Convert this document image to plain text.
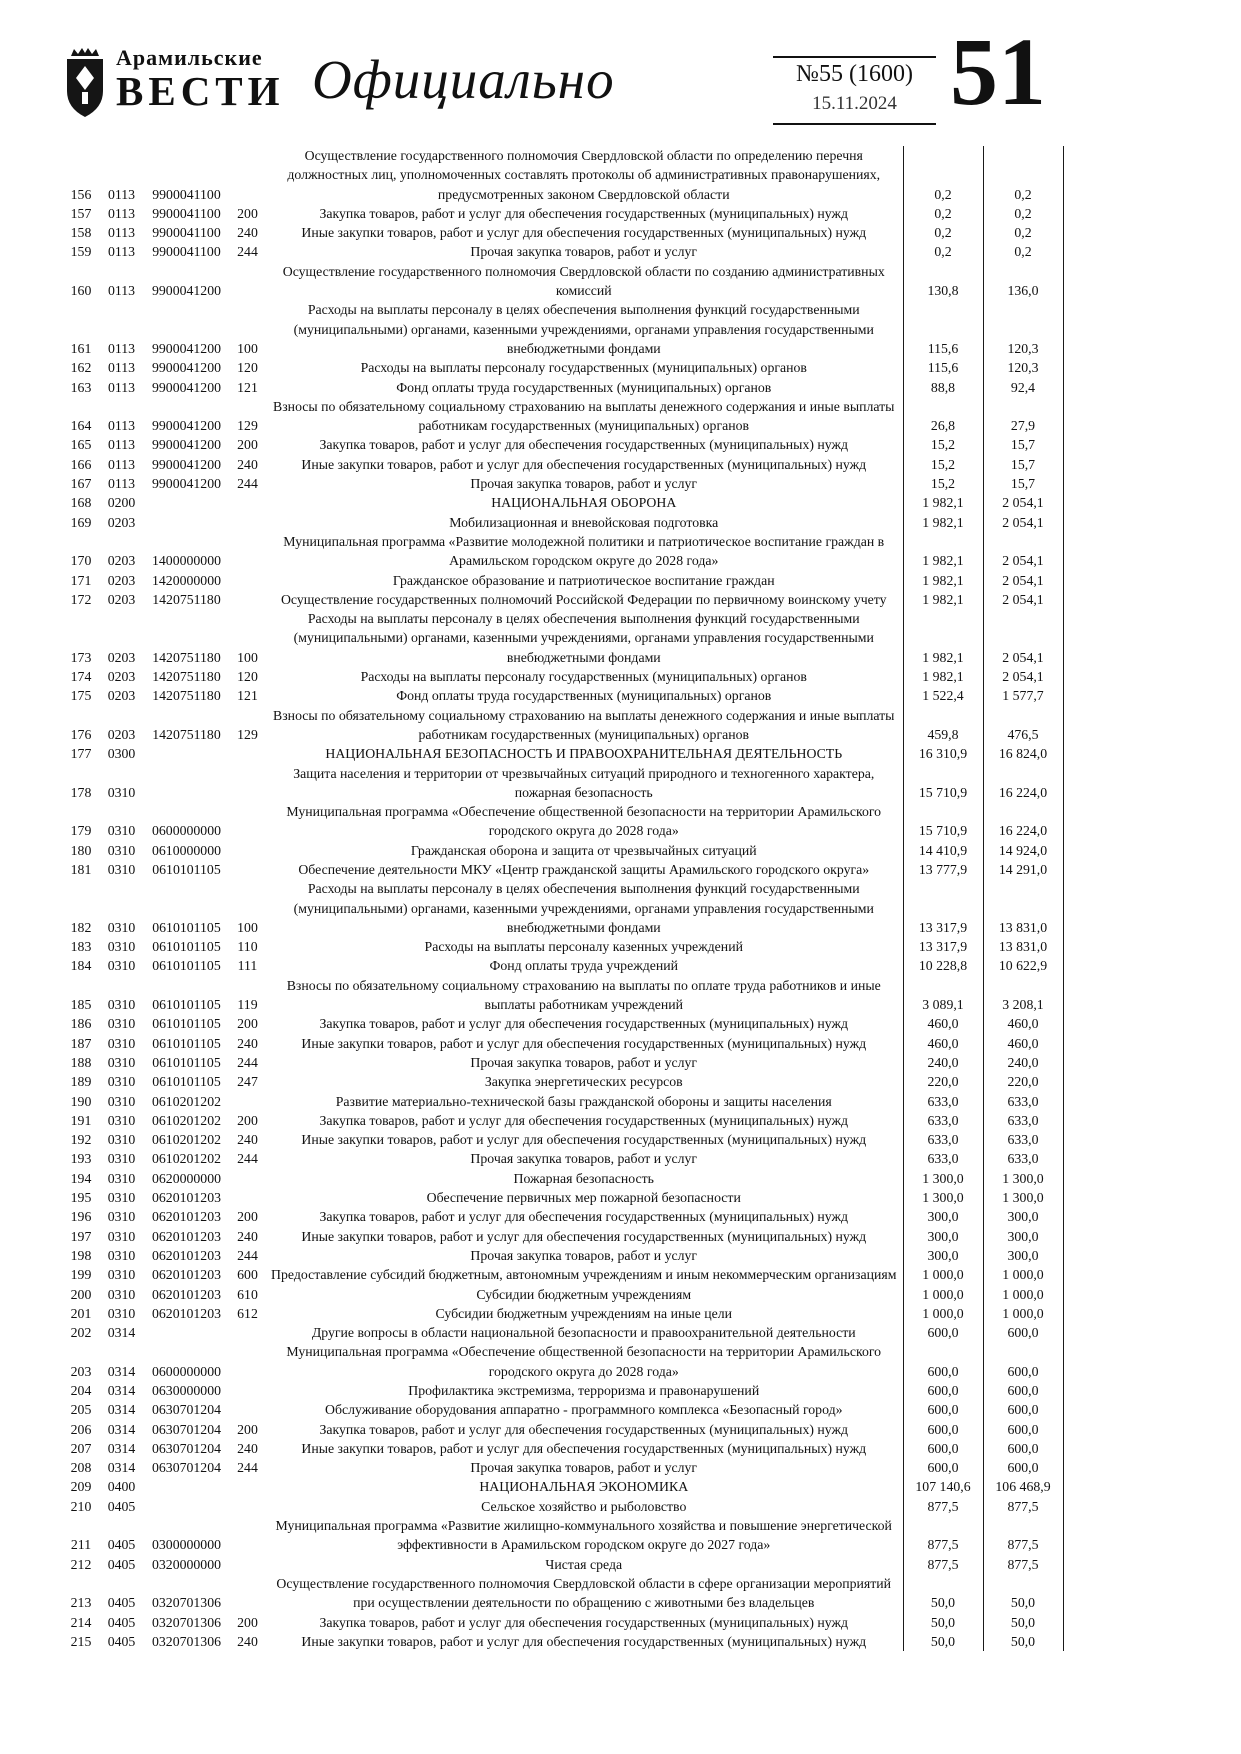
Арамильские
ВЕСТИ Официально	№55 (1600)
15.11.2024 51
156	0113	9900041100		Осуществление государственного полномочия Свердловской области по определению перечня должностных лиц, уполномоченных составлять протоколы об административных правонарушениях, предусмотренных законом Свердловской области	0,2	0,2
157	0113	9900041100	200	Закупка товаров, работ и услуг для обеспечения государственных (муниципальных) нужд	0,2	0,2
158	0113	9900041100	240	Иные закупки товаров, работ и услуг для обеспечения государственных (муниципальных) нужд	0,2	0,2
159	0113	9900041100	244	Прочая закупка товаров, работ и услуг	0,2	0,2
160	0113	9900041200		Осуществление государственного полномочия Свердловской области по созданию административных комиссий	130,8	136,0
161	0113	9900041200	100	Расходы на выплаты персоналу в целях обеспечения выполнения функций государственными (муниципальными) органами, казенными учреждениями, органами управления государственными внебюджетными фондами	115,6	120,3
162	0113	9900041200	120	Расходы на выплаты персоналу государственных (муниципальных) органов	115,6	120,3
163	0113	9900041200	121	Фонд оплаты труда государственных (муниципальных) органов	88,8	92,4
164	0113	9900041200	129	Взносы по обязательному социальному страхованию на выплаты денежного содержания и иные выплаты работникам государственных (муниципальных) органов	26,8	27,9
165	0113	9900041200	200	Закупка товаров, работ и услуг для обеспечения государственных (муниципальных) нужд	15,2	15,7
166	0113	9900041200	240	Иные закупки товаров, работ и услуг для обеспечения государственных (муниципальных) нужд	15,2	15,7
167	0113	9900041200	244	Прочая закупка товаров, работ и услуг	15,2	15,7
168	0200			НАЦИОНАЛЬНАЯ ОБОРОНА	1 982,1	2 054,1
169	0203			Мобилизационная и вневойсковая подготовка	1 982,1	2 054,1
170	0203	1400000000		Муниципальная программа «Развитие молодежной политики и патриотическое воспитание граждан в Арамильском городском округе до 2028 года»	1 982,1	2 054,1
171	0203	1420000000		Гражданское образование и патриотическое воспитание граждан	1 982,1	2 054,1
172	0203	1420751180		Осуществление государственных полномочий Российской Федерации по первичному воинскому учету	1 982,1	2 054,1
173	0203	1420751180	100	Расходы на выплаты персоналу в целях обеспечения выполнения функций государственными (муниципальными) органами, казенными учреждениями, органами управления государственными внебюджетными фондами	1 982,1	2 054,1
174	0203	1420751180	120	Расходы на выплаты персоналу государственных (муниципальных) органов	1 982,1	2 054,1
175	0203	1420751180	121	Фонд оплаты труда государственных (муниципальных) органов	1 522,4	1 577,7
176	0203	1420751180	129	Взносы по обязательному социальному страхованию на выплаты денежного содержания и иные выплаты работникам государственных (муниципальных) органов	459,8	476,5
177	0300			НАЦИОНАЛЬНАЯ БЕЗОПАСНОСТЬ И ПРАВООХРАНИТЕЛЬНАЯ ДЕЯТЕЛЬНОСТЬ	16 310,9	16 824,0
178	0310			Защита населения и территории от чрезвычайных ситуаций природного и техногенного характера, пожарная безопасность	15 710,9	16 224,0
179	0310	0600000000		Муниципальная программа «Обеспечение общественной безопасности на территории Арамильского городского округа до 2028 года»	15 710,9	16 224,0
180	0310	0610000000		Гражданская оборона и защита от чрезвычайных ситуаций	14 410,9	14 924,0
181	0310	0610101105		Обеспечение деятельности МКУ «Центр гражданской защиты Арамильского городского округа»	13 777,9	14 291,0
182	0310	0610101105	100	Расходы на выплаты персоналу в целях обеспечения выполнения функций государственными (муниципальными) органами, казенными учреждениями, органами управления государственными внебюджетными фондами	13 317,9	13 831,0
183	0310	0610101105	110	Расходы на выплаты персоналу казенных учреждений	13 317,9	13 831,0
184	0310	0610101105	111	Фонд оплаты труда учреждений	10 228,8	10 622,9
185	0310	0610101105	119	Взносы по обязательному социальному страхованию на выплаты по оплате труда работников и иные выплаты работникам учреждений	3 089,1	3 208,1
186	0310	0610101105	200	Закупка товаров, работ и услуг для обеспечения государственных (муниципальных) нужд	460,0	460,0
187	0310	0610101105	240	Иные закупки товаров, работ и услуг для обеспечения государственных (муниципальных) нужд	460,0	460,0
188	0310	0610101105	244	Прочая закупка товаров, работ и услуг	240,0	240,0
189	0310	0610101105	247	Закупка энергетических ресурсов	220,0	220,0
190	0310	0610201202		Развитие материально-технической базы гражданской обороны и защиты населения	633,0	633,0
191	0310	0610201202	200	Закупка товаров, работ и услуг для обеспечения государственных (муниципальных) нужд	633,0	633,0
192	0310	0610201202	240	Иные закупки товаров, работ и услуг для обеспечения государственных (муниципальных) нужд	633,0	633,0
193	0310	0610201202	244	Прочая закупка товаров, работ и услуг	633,0	633,0
194	0310	0620000000		Пожарная безопасность	1 300,0	1 300,0
195	0310	0620101203		Обеспечение первичных мер пожарной безопасности	1 300,0	1 300,0
196	0310	0620101203	200	Закупка товаров, работ и услуг для обеспечения государственных (муниципальных) нужд	300,0	300,0
197	0310	0620101203	240	Иные закупки товаров, работ и услуг для обеспечения государственных (муниципальных) нужд	300,0	300,0
198	0310	0620101203	244	Прочая закупка товаров, работ и услуг	300,0	300,0
199	0310	0620101203	600	Предоставление субсидий бюджетным, автономным учреждениям и иным некоммерческим организациям	1 000,0	1 000,0
200	0310	0620101203	610	Субсидии бюджетным учреждениям	1 000,0	1 000,0
201	0310	0620101203	612	Субсидии бюджетным учреждениям на иные цели	1 000,0	1 000,0
202	0314			Другие вопросы в области национальной безопасности и правоохранительной деятельности	600,0	600,0
203	0314	0600000000		Муниципальная программа «Обеспечение общественной безопасности на территории Арамильского городского округа до 2028 года»	600,0	600,0
204	0314	0630000000		Профилактика экстремизма, терроризма и правонарушений	600,0	600,0
205	0314	0630701204		Обслуживание оборудования аппаратно - программного комплекса «Безопасный город»	600,0	600,0
206	0314	0630701204	200	Закупка товаров, работ и услуг для обеспечения государственных (муниципальных) нужд	600,0	600,0
207	0314	0630701204	240	Иные закупки товаров, работ и услуг для обеспечения государственных (муниципальных) нужд	600,0	600,0
208	0314	0630701204	244	Прочая закупка товаров, работ и услуг	600,0	600,0
209	0400			НАЦИОНАЛЬНАЯ ЭКОНОМИКА	107 140,6	106 468,9
210	0405			Сельское хозяйство и рыболовство	877,5	877,5
211	0405	0300000000		Муниципальная программа «Развитие жилищно-коммунального хозяйства и повышение энергетической эффективности в Арамильском городском округе до 2027 года»	877,5	877,5
212	0405	0320000000		Чистая среда	877,5	877,5
213	0405	0320701306		Осуществление государственного полномочия Свердловской области в сфере организации мероприятий при осуществлении деятельности по обращению с животными без владельцев	50,0	50,0
214	0405	0320701306	200	Закупка товаров, работ и услуг для обеспечения государственных (муниципальных) нужд	50,0	50,0
215	0405	0320701306	240	Иные закупки товаров, работ и услуг для обеспечения государственных (муниципальных) нужд	50,0	50,0
